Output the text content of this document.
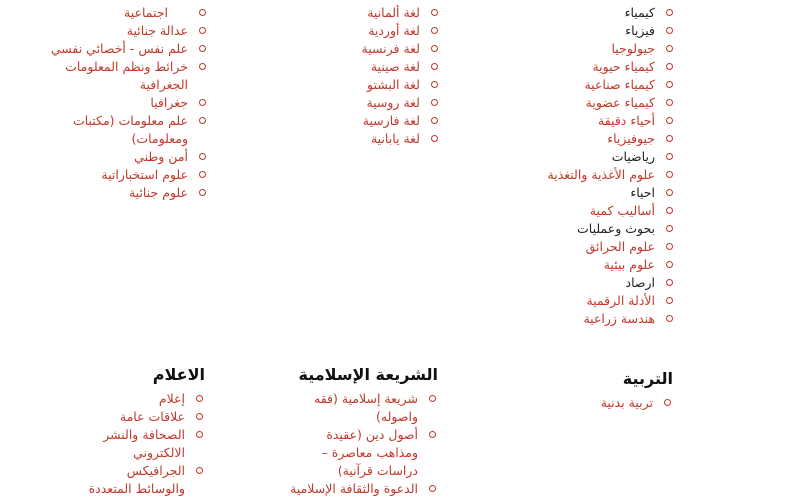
كيمياء
فيزياء
جيولوجيا
كيمياء حيوية
كيمياء صناعية
كيمياء عضوية
أحياء دقيقة
جيوفيزياء
رياضيات
علوم الأغذية والتغذية
احياء
أساليب كمية
بحوث وعمليات
علوم الحرائق
علوم بيئية
ارصاد
الأدلة الرقمية
هندسة زراعية
لغة ألمانية
لغة أوردية
لغة فرنسية
لغة صينية
لغة البشتو
لغة روسية
لغة فارسية
لغة يابانية
اجتماعية
عدالة جنائية
علم نفس - أخصائي نفسي
خرائط ونظم المعلومات الجغرافية
جغرافيا
علم معلومات (مكتبات ومعلومات)
أمن وطني
علوم استخباراتية
علوم جنائية
التربية
تربية بدنية
الشريعة الإسلامية
شريعة إسلامية (فقه واصوله)
أصول دين (عقيدة ومذاهب معاصرة – دراسات قرآنية)
الدعوة والثقافة الإسلامية
الاعلام
إعلام
علاقات عامة
الصحافة والنشر الالكتروني
الجرافيكس والوسائط المتعددة
